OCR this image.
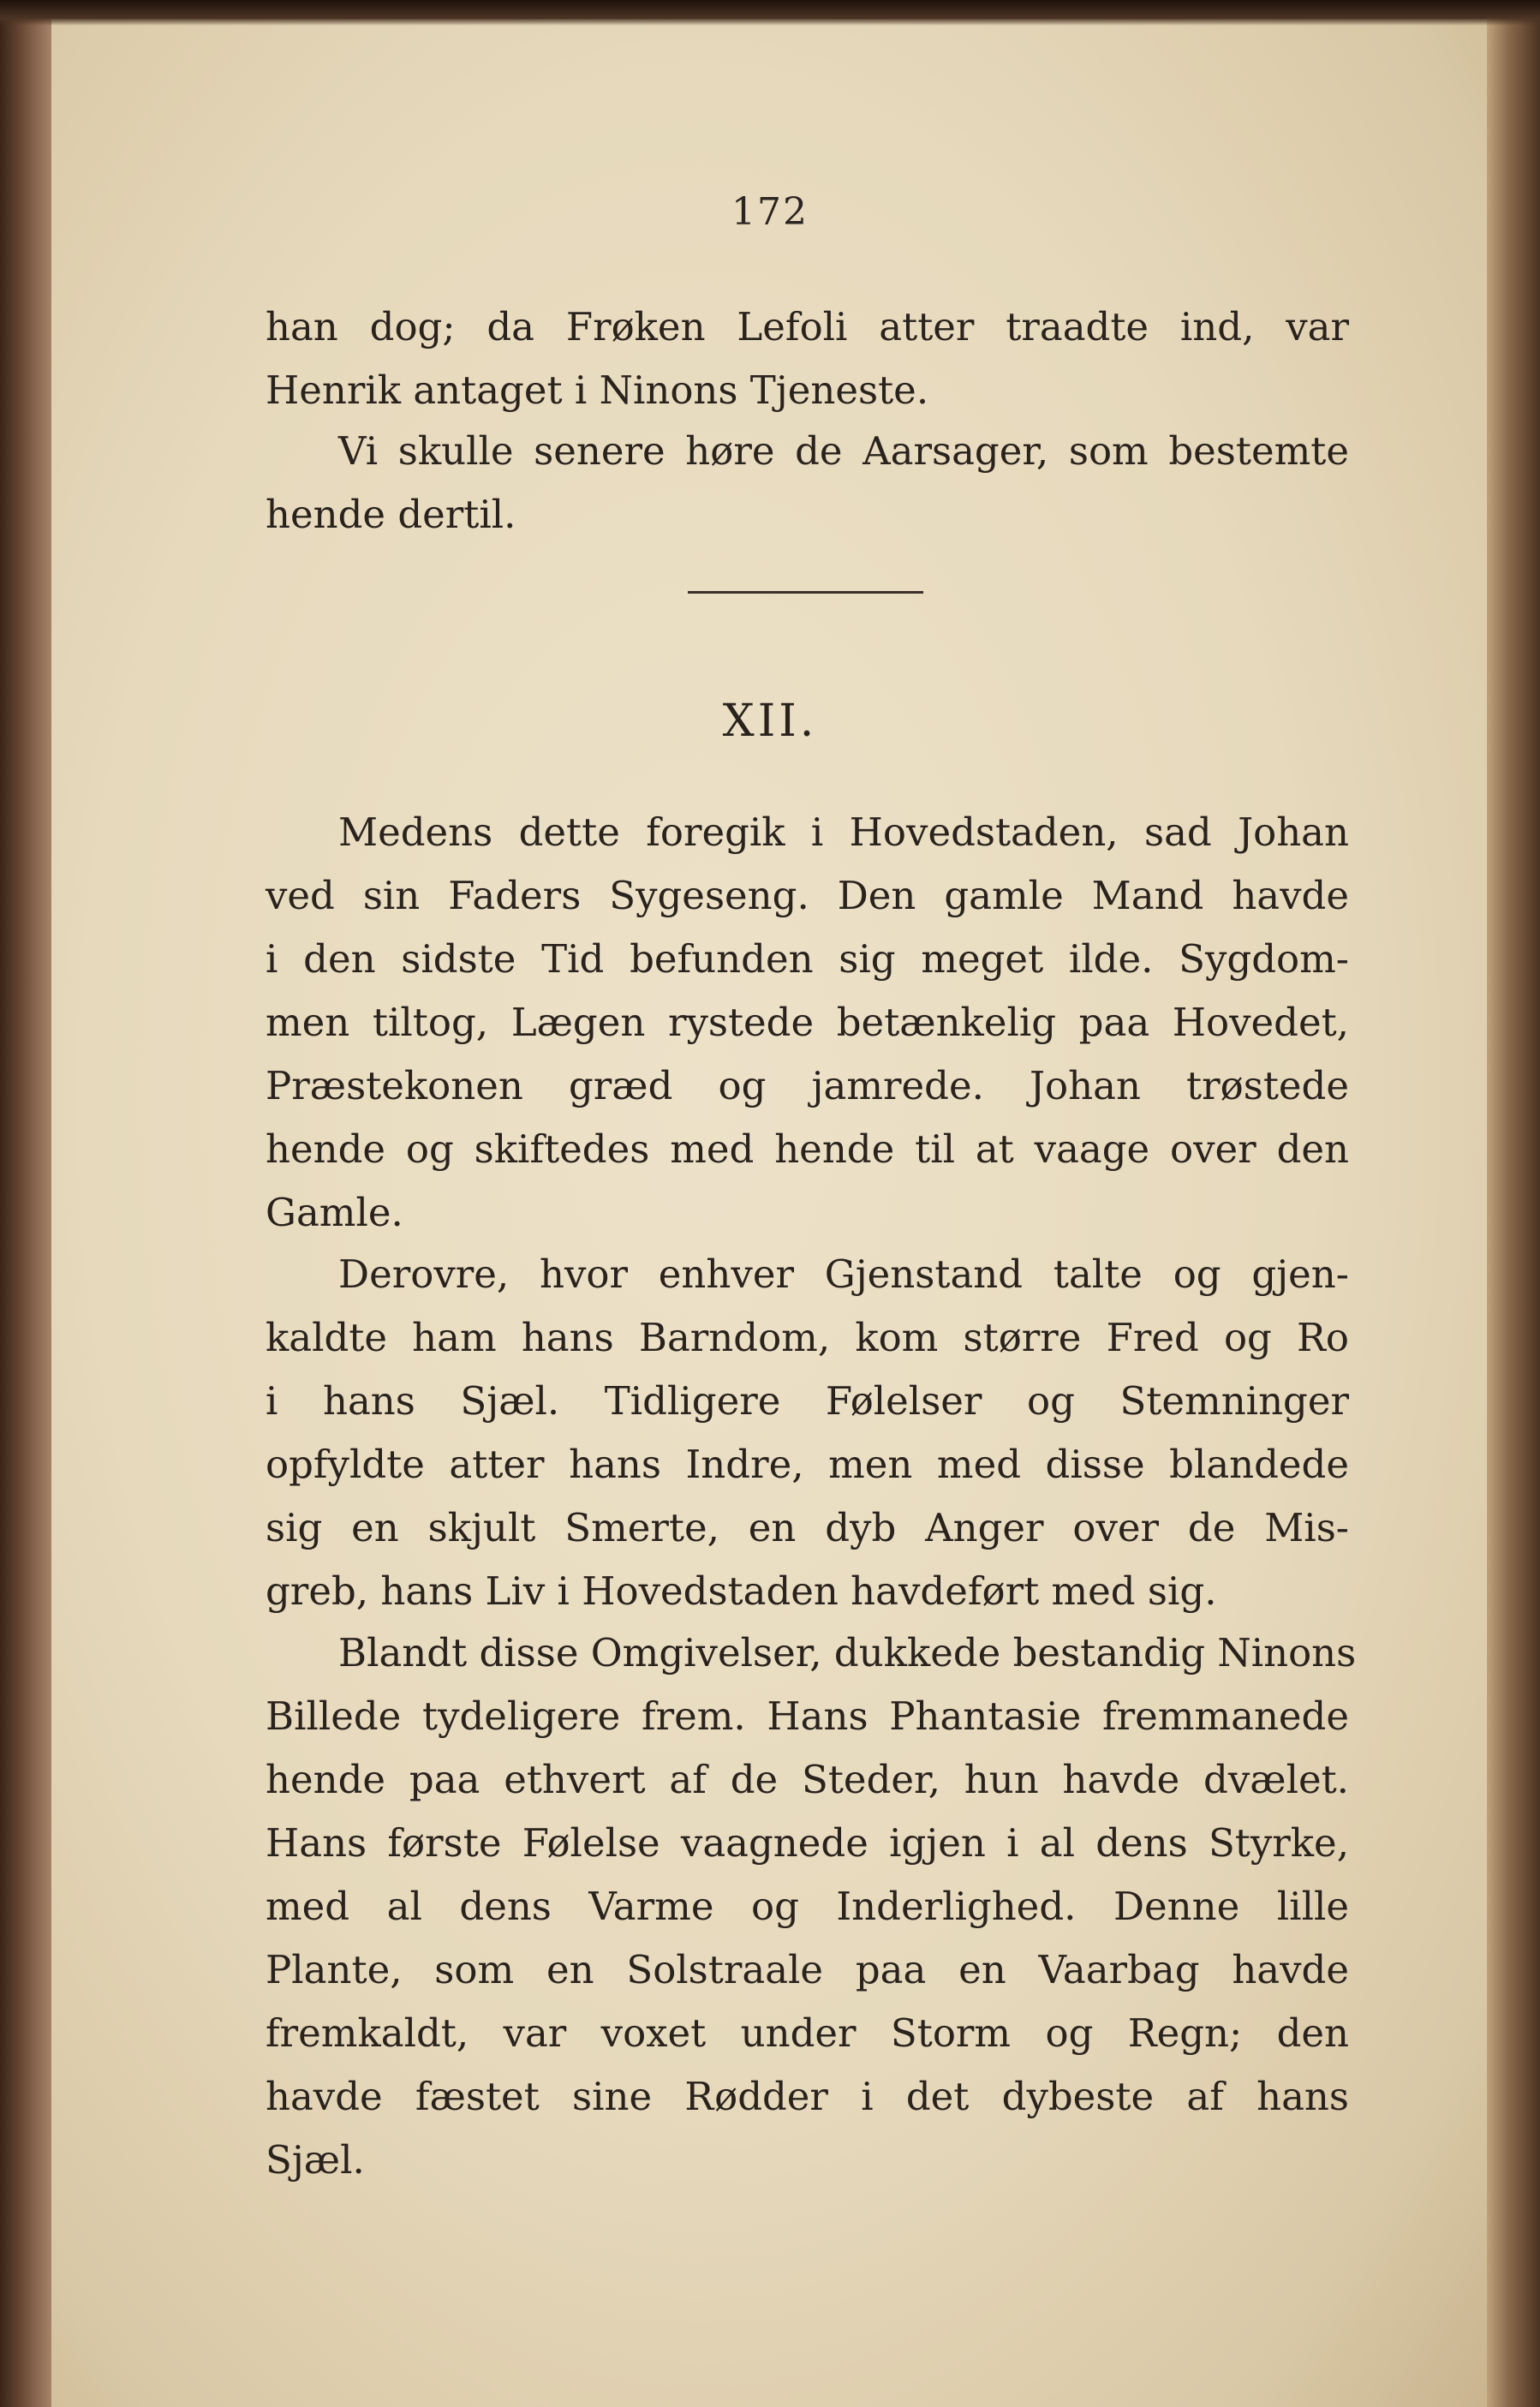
172
han dog; da Frøken Lefoli atter traadte ind, var
Henrik antaget i Ninons Tjeneste.
Vi skulle senere høre de Aarsager, som bestemte
hende dertil.
XII.
Medens dette foregik i Hovedstaden, sad Johan
ved sin Faders Sygeseng. Den gamle Mand havde
i den sidste Tid befunden sig meget ilde. Sygdom-
men tiltog, Lægen rystede betænkelig paa Hovedet,
Præstekonen græd og jamrede. Johan trøstede
hende og skiftedes med hende til at vaage over den
Gamle.
Derovre, hvor enhver Gjenstand talte og gjen-
kaldte ham hans Barndom, kom større Fred og Ro
i hans Sjæl. Tidligere Følelser og Stemninger
opfyldte atter hans Indre, men med disse blandede
sig en skjult Smerte, en dyb Anger over de Mis-
greb, hans Liv i Hovedstaden havdeført med sig.
Blandt disse Omgivelser, dukkede bestandig Ninons
Billede tydeligere frem. Hans Phantasie fremmanede
hende paa ethvert af de Steder, hun havde dvælet.
Hans første Følelse vaagnede igjen i al dens Styrke,
med al dens Varme og Inderlighed. Denne lille
Plante, som en Solstraale paa en Vaarbag havde
fremkaldt, var voxet under Storm og Regn; den
havde fæstet sine Rødder i det dybeste af hans
Sjæl.
